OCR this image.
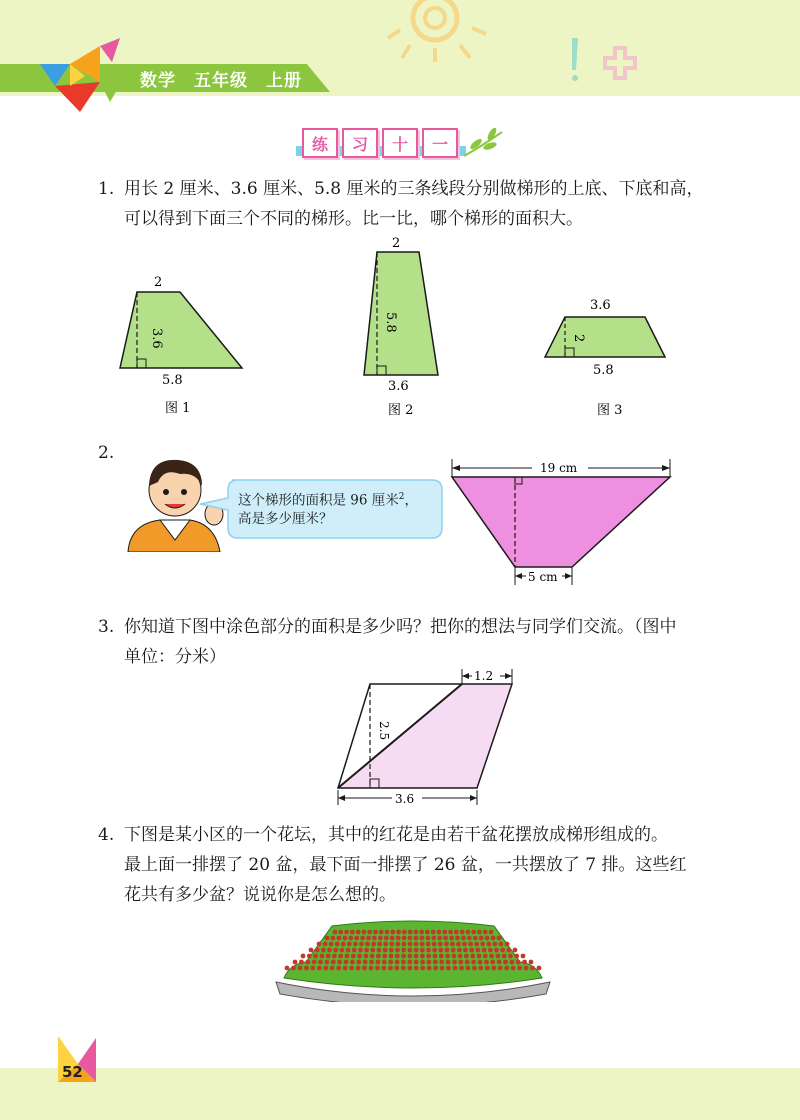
数学　五年级　上册
练	习	十	一
1. 用长 2 厘米、3.6 厘米、5.8 厘米的三条线段分别做梯形的上底、下底和高，
可以得到下面三个不同的梯形。比一比，哪个梯形的面积大。
2
3.6
5.8
图 1
2
5.8
3.6
图 2
3.6
2
5.8
图 3
2.
这个梯形的面积是 96 厘米$^2$，
高是多少厘米？
19 cm
5 cm
3. 你知道下图中涂色部分的面积是多少吗？把你的想法与同学们交流。（图中
单位：分米）
1.2
2.5
3.6
4. 下图是某小区的一个花坛，其中的红花是由若干盆花摆放成梯形组成的。
最上面一排摆了 20 盆，最下面一排摆了 26 盆，一共摆放了 7 排。这些红
花共有多少盆？说说你是怎么想的。
52
